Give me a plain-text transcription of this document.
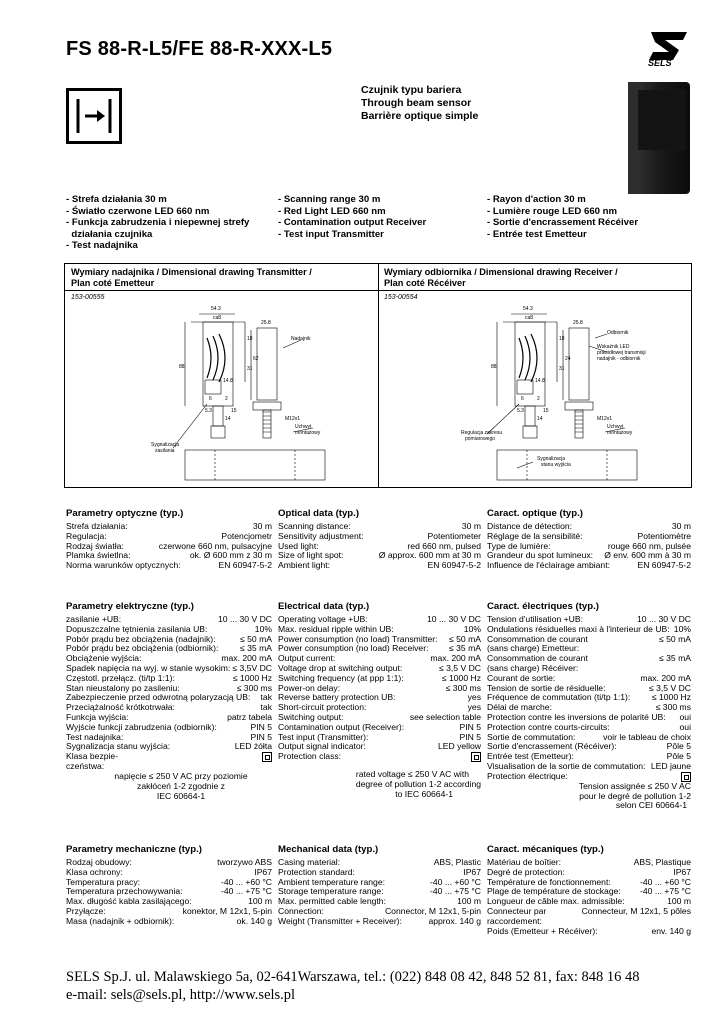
FS 88-R-L5/FE 88-R-XXX-L5
SELS
Czujnik typu bariera
Through beam sensor
Barrière optique simple
- Strefa działania 30 m
- Światło czerwone LED 660 nm
- Funkcja zabrudzenia i niepewnej strefy
działania czujnika
- Test nadajnika
- Scanning range 30 m
- Red Light LED 660 nm
- Contamination output Receiver
- Test input Transmitter
- Rayon d'action 30 m
- Lumière rouge LED 660 nm
- Sortie d'encrassement Récéiver
- Entrée test Emetteur
Wymiary nadajnika / Dimensional drawing Transmitter /
Plan coté Emetteur
Wymiary odbiornika / Dimensional drawing Receiver /
Plan coté Récéiver
153-00555	153-00554
54.3
ca8
25.8
88
18
31
14.8
6	2
5.3
14
15
62
M12x1
Nadajnik
Sygnalizacja
zasilania
Uchwyt
montażowy
54.3
ca8
25.8
88
18
31
14.8
6	2
5.3
14
15
24
M12x1
Odbiornik
Wskaźnik LED
prawidłowej transmisji
nadajnik - odbiornik
Regulacja zakresu
pomiarowego
Uchwyt
montażowy
Sygnalizacja
stanu wyjścia
Parametry optyczne (typ.)
Strefa działania:	30 m
Regulacja:	Potencjometr
Rodzaj światła:	czerwone 660 nm, pulsacyjne
Plamka świetlna:	ok. Ø 600 mm z 30 m
Norma warunków optycznych:	EN 60947-5-2
Optical data (typ.)
Scanning distance:	30 m
Sensitivity adjustment:	Potentiometer
Used light:	red 660 nm, pulsed
Size of light spot:	Ø approx. 600 mm at 30 m
Ambient light:	EN 60947-5-2
Caract. optique (typ.)
Distance de détection:	30 m
Réglage de la sensibilité:	Potentiomètre
Type de lumière:	rouge 660 nm, pulsée
Grandeur du spot lumineux: Ø env. 600 mm à 30 m
Influence de l'éclairage ambiant:	EN 60947-5-2
Parametry elektryczne (typ.)
zasilanie +UB:	10 ... 30 V DC
Dopuszczalne tętnienia zasilania UB:	10%
Pobór prądu bez obciążenia (nadajnik):	≤ 50 mA
Pobór prądu bez obciążenia (odbiornik):	≤ 35 mA
Obciążenie wyjścia:	max. 200 mA
Spadek napięcia na wyj. w stanie wysokim: ≤ 3,5V DC
Częstotl. przełącz. (ti/tp 1:1):	≤ 1000 Hz
Stan nieustalony po zasileniu:	≤ 300 ms
Zabezpieczenie przed odwrotną polaryzacją UB: tak
Przeciążalność krótkotrwała:	tak
Funkcja wyjścia:	patrz tabela
Wyjście funkcji zabrudzenia (odbiornik):	PIN 5
Test nadajnika:	PIN 5
Sygnalizacja stanu wyjścia:	LED żółta
Klasa bezpie-
czeństwa:
napięcie ≤ 250 V AC przy poziomie
zakłóceń 1-2 zgodnie z
IEC 60664-1
Electrical data (typ.)
Operating voltage +UB:	10 ... 30 V DC
Max. residual ripple within UB:	10%
Power consumption (no load) Transmitter: ≤ 50 mA
Power consumption (no load) Receiver: ≤ 35 mA
Output current:	max. 200 mA
Voltage drop at switching output:	≤ 3,5 V DC
Switching frequency (at ppp 1:1):	≤ 1000 Hz
Power-on delay:	≤ 300 ms
Reverse battery protection UB:	yes
Short-circuit protection:	yes
Switching output:	see selection table
Contamination output (Receiver):	PIN 5
Test input (Transmitter):	PIN 5
Output signal indicator:	LED yellow
Protection class:
rated voltage ≤ 250 V AC with
degree of pollution 1-2 according
to IEC 60664-1
Caract. électriques (typ.)
Tension d'utilisation +UB:	10 ... 30 V DC
Ondulations résiduelles maxi à l'interieur de UB: 10%
Consommation de courant	≤ 50 mA
(sans charge) Emetteur:
Consommation de courant	≤ 35 mA
(sans charge) Récéiver:
Courant de sortie:	max. 200 mA
Tension de sortie de résiduelle:	≤ 3,5 V DC
Fréquence de commutation (ti/tp 1:1):	≤ 1000 Hz
Délai de marche:	≤ 300 ms
Protection contre les inversions de polarité UB: oui
Protection contre courts-circuits:	oui
Sortie de commutation:	voir le tableau de choix
Sortie d'encrassement (Récéiver):	Pôle 5
Entrée test (Emetteur):	Pôle 5
Visualisation de la sortie de commutation: LED jaune
Protection électrique:
Tension assignée ≤ 250 V AC
pour le degré de pollution 1-2
selon CEI 60664-1
Parametry mechaniczne (typ.)
Rodzaj obudowy:	tworzywo ABS
Klasa ochrony:	IP67
Temperatura pracy:	-40 ... +60 °C
Temperatura przechowywania:	-40 ... +75 °C
Max. długość kabla zasilającego:	100 m
Przyłącze:	konektor, M 12x1, 5-pin
Masa (nadajnik + odbiornik):	ok. 140 g
Mechanical data (typ.)
Casing material:	ABS, Plastic
Protection standard:	IP67
Ambient temperature range:	-40 ... +60 °C
Storage temperature range:	-40 ... +75 °C
Max. permitted cable length:	100 m
Connection:	Connector, M 12x1, 5-pin
Weight (Transmitter + Receiver):	approx. 140 g
Caract. mécaniques (typ.)
Matériau de boîtier:	ABS, Plastique
Degré de protection:	IP67
Température de fonctionnement:	-40 ... +60 °C
Plage de température de stockage: -40 ... +75 °C
Longueur de câble max. admissible:	100 m
Connecteur par	Connecteur, M 12x1, 5 pôles
raccordement:
Poids (Emetteur + Récéiver):	env. 140 g
SELS Sp.J. ul. Malawskiego 5a, 02-641Warszawa, tel.: (022) 848 08 42, 848 52 81, fax: 848 16 48
e-mail: sels@sels.pl, http://www.sels.pl
